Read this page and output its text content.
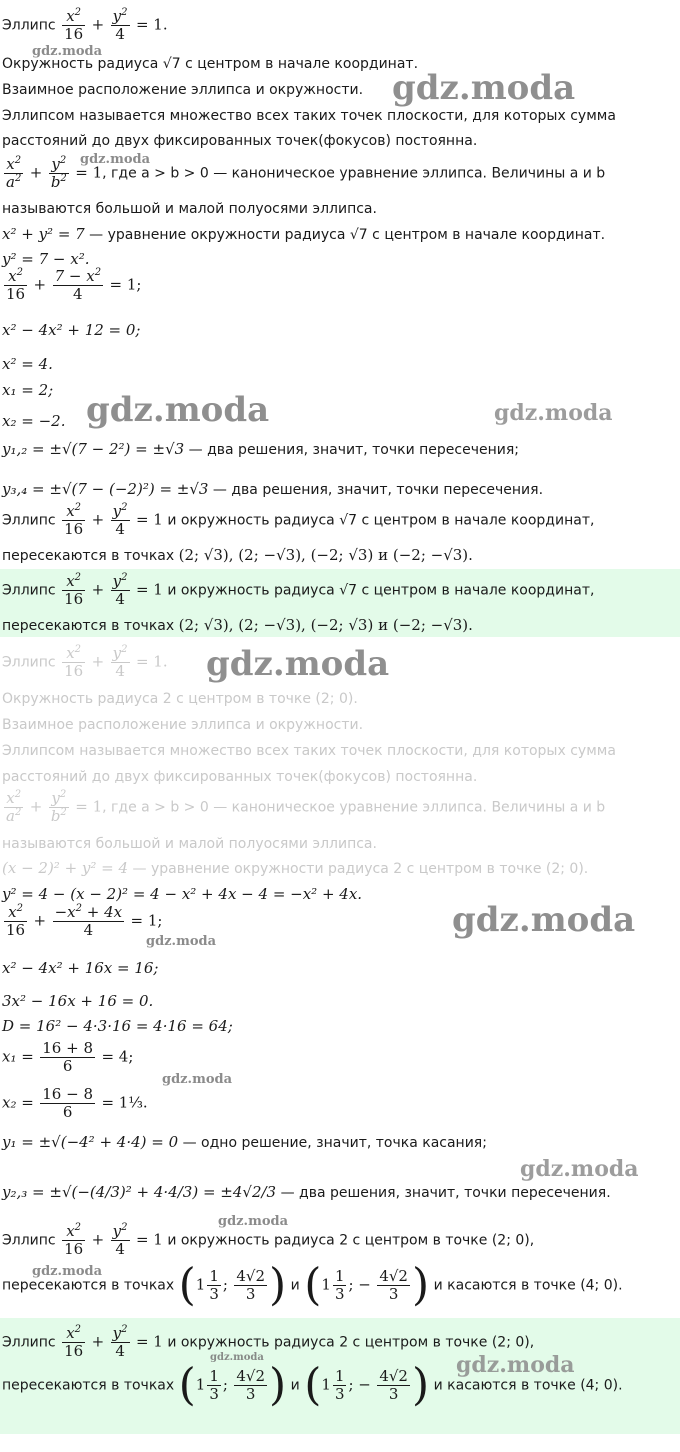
Эллипс $\frac{x^2}{16} + \frac{y^2}{4} = 1$.
Окружность радиуса √7 с центром в начале координат.
Взаимное расположение эллипса и окружности.
Эллипсом называется множество всех таких точек плоскости, для которых сумма
расстояний до двух фиксированных точек(фокусов) постоянна.
$\frac{x^2}{a^2} + \frac{y^2}{b^2} = 1$, где a > b > 0 — каноническое уравнение эллипса. Величины a и b
называются большой и малой полуосями эллипса.
x² + y² = 7 — уравнение окружности радиуса √7 с центром в начале координат.
y² = 7 − x².
$\frac{x^2}{16} + \frac{7 - x^2}{4} = 1$;
x² − 4x² + 12 = 0;
x² = 4.
x₁ = 2;
x₂ = −2.
y₁,₂ = ±√(7 − 2²) = ±√3 — два решения, значит, точки пересечения;
y₃,₄ = ±√(7 − (−2)²) = ±√3 — два решения, значит, точки пересечения.
Эллипс $\frac{x^2}{16} + \frac{y^2}{4} = 1$ и окружность радиуса √7 с центром в начале координат,
пересекаются в точках (2; √3), (2; −√3), (−2; √3) и (−2; −√3).
Эллипс $\frac{x^2}{16} + \frac{y^2}{4} = 1$ и окружность радиуса √7 с центром в начале координат,
пересекаются в точках (2; √3), (2; −√3), (−2; √3) и (−2; −√3).
Эллипс $\frac{x^2}{16} + \frac{y^2}{4} = 1$.
Окружность радиуса 2 с центром в точке (2; 0).
Взаимное расположение эллипса и окружности.
Эллипсом называется множество всех таких точек плоскости, для которых сумма
расстояний до двух фиксированных точек(фокусов) постоянна.
$\frac{x^2}{a^2} + \frac{y^2}{b^2} = 1$, где a > b > 0 — каноническое уравнение эллипса. Величины a и b
называются большой и малой полуосями эллипса.
(x − 2)² + y² = 4 — уравнение окружности радиуса 2 с центром в точке (2; 0).
y² = 4 − (x − 2)² = 4 − x² + 4x − 4 = −x² + 4x.
$\frac{x^2}{16} + \frac{-x^2 + 4x}{4} = 1$;
x² − 4x² + 16x = 16;
3x² − 16x + 16 = 0.
D = 16² − 4·3·16 = 4·16 = 64;
$x_1 = \frac{16 + 8}{6} = 4$;
$x_2 = \frac{16 - 8}{6}$ = 1⅓.
y₁ = ±√(−4² + 4·4) = 0 — одно решение, значит, точка касания;
y₂,₃ = ±√(−(4/3)² + 4·4/3) = ±4√2/3 — два решения, значит, точки пересечения.
Эллипс $\frac{x^2}{16} + \frac{y^2}{4} = 1$ и окружность радиуса 2 с центром в точке (2; 0),
пересекаются в точках ($1 \frac{1}{3}$ ; $\frac{4√2}{3}$ ) и ($1 \frac{1}{3}$ ; − $\frac{4√2}{3}$ ) и касаются в точке (4; 0).
Эллипс $\frac{x^2}{16} + \frac{y^2}{4} = 1$ и окружность радиуса 2 с центром в точке (2; 0),
пересекаются в точках ($1 \frac{1}{3}$ ; $\frac{4√2}{3}$ ) и ($1 \frac{1}{3}$ ; − $\frac{4√2}{3}$ ) и касаются в точке (4; 0).
gdz.moda
gdz.moda
gdz.moda
gdz.moda	gdz.moda
gdz.moda
gdz.moda
gdz.moda
gdz.moda
gdz.moda
gdz.moda
gdz.moda
gdz.moda	gdz.moda
